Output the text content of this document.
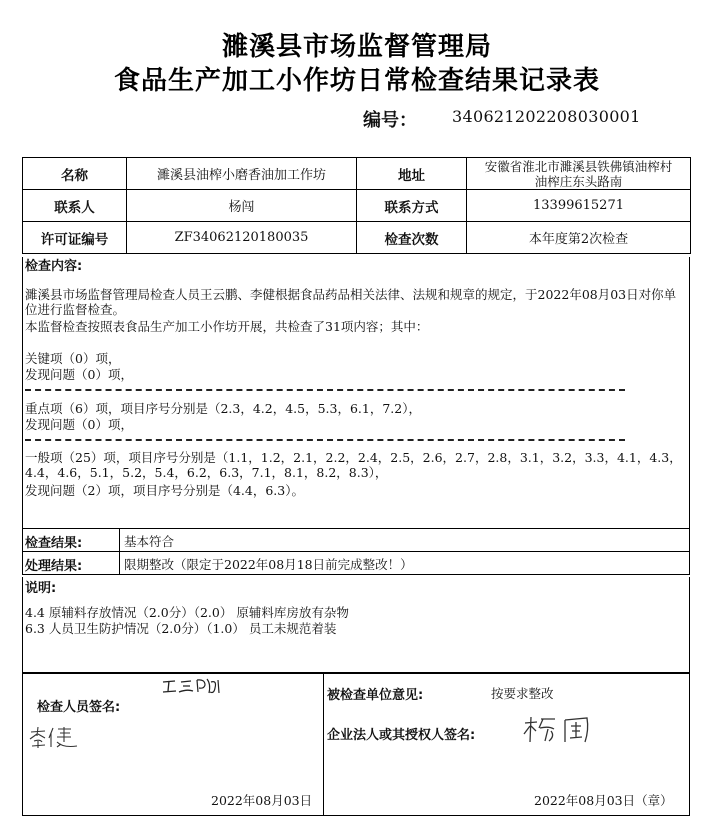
濉溪县市场监督管理局
食品生产加工小作坊日常检查结果记录表
编号： 340621202208030001
名称	濉溪县油榨小磨香油加工作坊	地址	安徽省淮北市濉溪县铁佛镇油榨村
油榨庄东头路南

联系人	杨闯	联系方式	13399615271
许可证编号	ZF34062120180035	检查次数	本年度第2次检查
检查内容:
濉溪县市场监督管理局检查人员王云鹏、李健根据食品药品相关法律、法规和规章的规定，于2022年08月03日对你单位进行监督检查。
本监督检查按照表食品生产加工小作坊开展，共检查了31项内容；其中：
关键项（0）项，
发现问题（0）项，
重点项（6）项，项目序号分别是（2.3，4.2，4.5，5.3，6.1，7.2），
发现问题（0）项，
一般项（25）项，项目序号分别是（1.1，1.2，2.1，2.2，2.4，2.5，2.6，2.7，2.8，3.1，3.2，3.3，4.1，4.3，4.4，4.6，5.1，5.2，5.4，6.2，6.3，7.1，8.1，8.2，8.3），
发现问题（2）项，项目序号分别是（4.4，6.3）。
检查结果:	基本符合
处理结果:	限期整改（限定于2022年08月18日前完成整改！）
说明:
4.4 原辅料存放情况（2.0分）（2.0） 原辅料库房放有杂物
6.3 人员卫生防护情况（2.0分）（1.0） 员工未规范着装
检查人员签名:
2022年08月03日
被检查单位意见:	按要求整改
企业法人或其授权人签名:
2022年08月03日（章）
